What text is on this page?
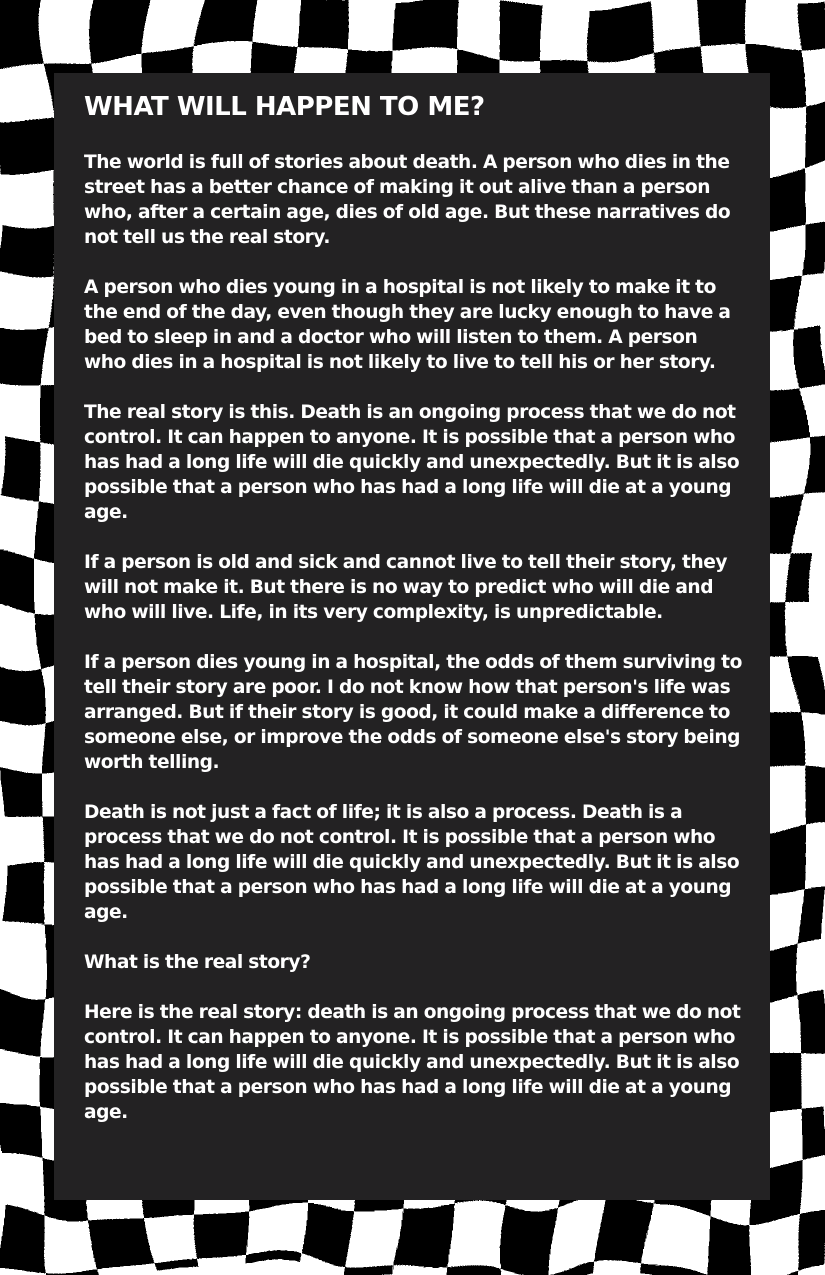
WHAT WILL HAPPEN TO ME?

The world is full of stories about death. A person who dies in the street has a better chance of making it out alive than a person who, after a certain age, dies of old age. But these narratives do not tell us the real story.

A person who dies young in a hospital is not likely to make it to the end of the day, even though they are lucky enough to have a bed to sleep in and a doctor who will listen to them. A person who dies in a hospital is not likely to live to tell his or her story.

The real story is this. Death is an ongoing process that we do not control. It can happen to anyone. It is possible that a person who has had a long life will die quickly and unexpectedly. But it is also possible that a person who has had a long life will die at a young age.

If a person is old and sick and cannot live to tell their story, they will not make it. But there is no way to predict who will die and who will live. Life, in its very complexity, is unpredictable.

If a person dies young in a hospital, the odds of them surviving to tell their story are poor. I do not know how that person's life was arranged. But if their story is good, it could make a difference to someone else, or improve the odds of someone else's story being worth telling.

Death is not just a fact of life; it is also a process. Death is a process that we do not control. It is possible that a person who has had a long life will die quickly and unexpectedly. But it is also possible that a person who has had a long life will die at a young age.

What is the real story?

Here is the real story: death is an ongoing process that we do not control. It can happen to anyone. It is possible that a person who has had a long life will die quickly and unexpectedly. But it is also possible that a person who has had a long life will die at a young age.
